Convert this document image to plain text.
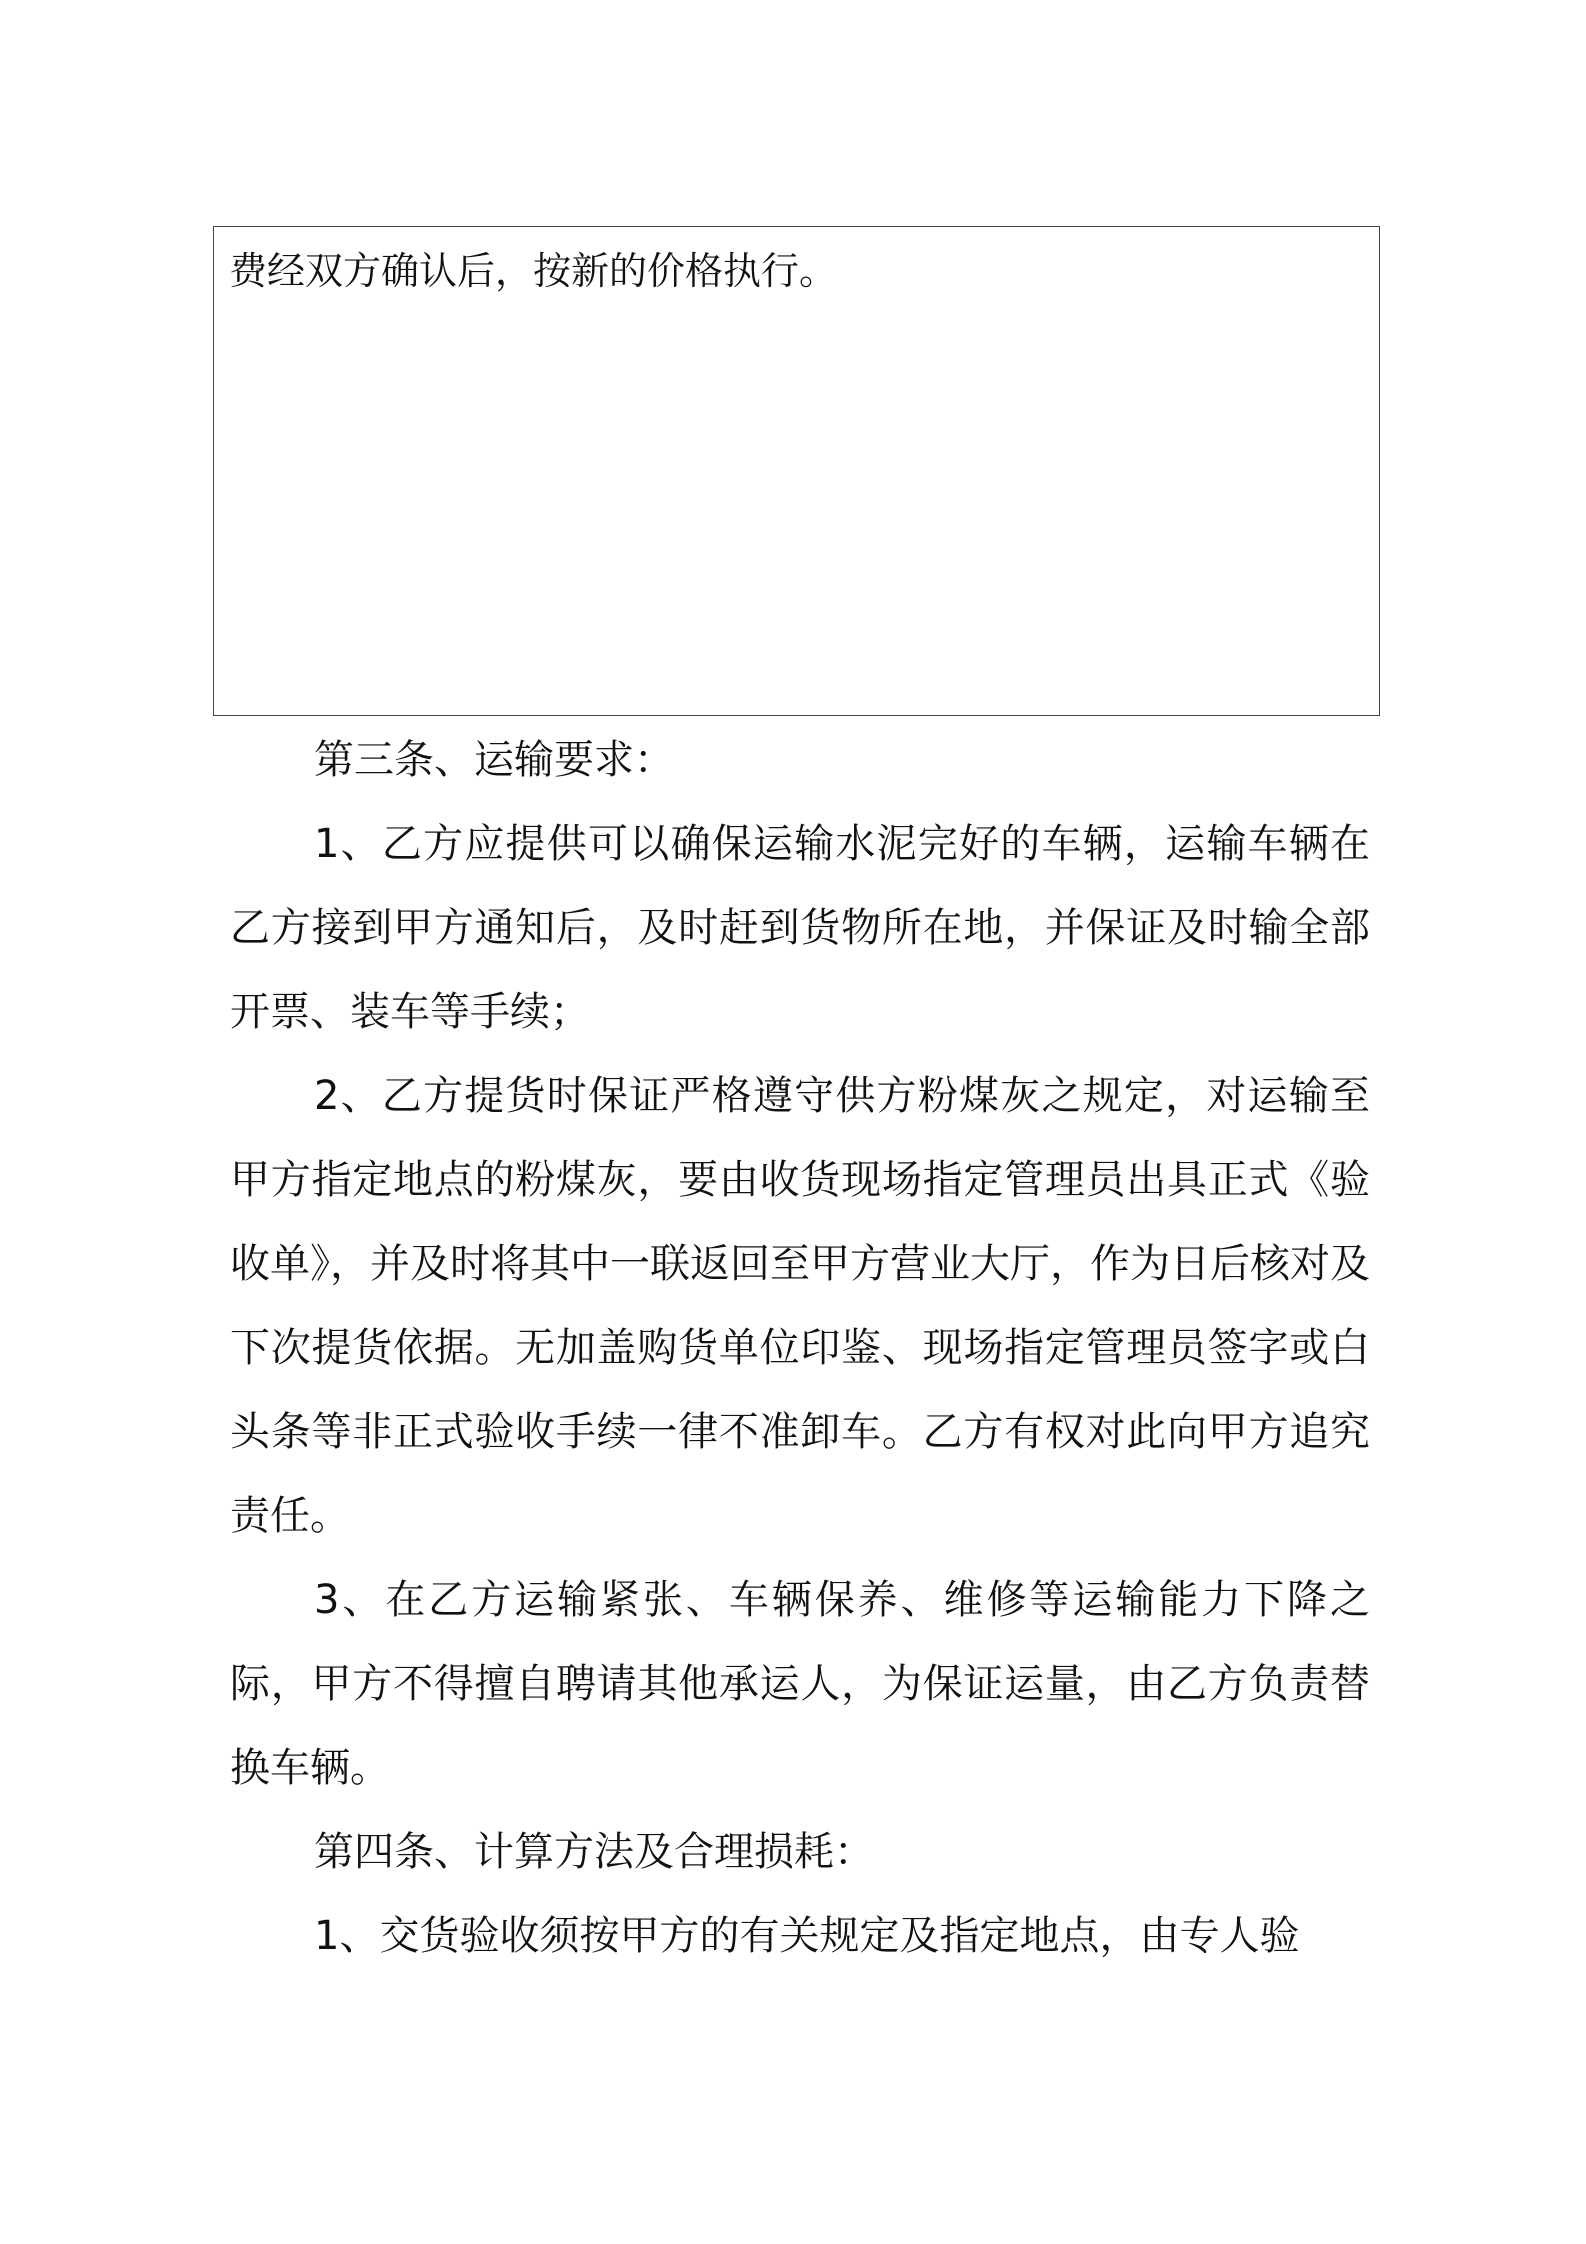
费经双方确认后，按新的价格执行。

第三条、运输要求：

1、乙方应提供可以确保运输水泥完好的车辆，运输车辆在乙方接到甲方通知后，及时赶到货物所在地，并保证及时输全部开票、装车等手续；

2、乙方提货时保证严格遵守供方粉煤灰之规定，对运输至甲方指定地点的粉煤灰，要由收货现场指定管理员出具正式《验收单》，并及时将其中一联返回至甲方营业大厅，作为日后核对及下次提货依据。无加盖购货单位印鉴、现场指定管理员签字或白头条等非正式验收手续一律不准卸车。乙方有权对此向甲方追究责任。

3、在乙方运输紧张、车辆保养、维修等运输能力下降之际，甲方不得擅自聘请其他承运人，为保证运量，由乙方负责替换车辆。

第四条、计算方法及合理损耗：

1、交货验收须按甲方的有关规定及指定地点，由专人验
